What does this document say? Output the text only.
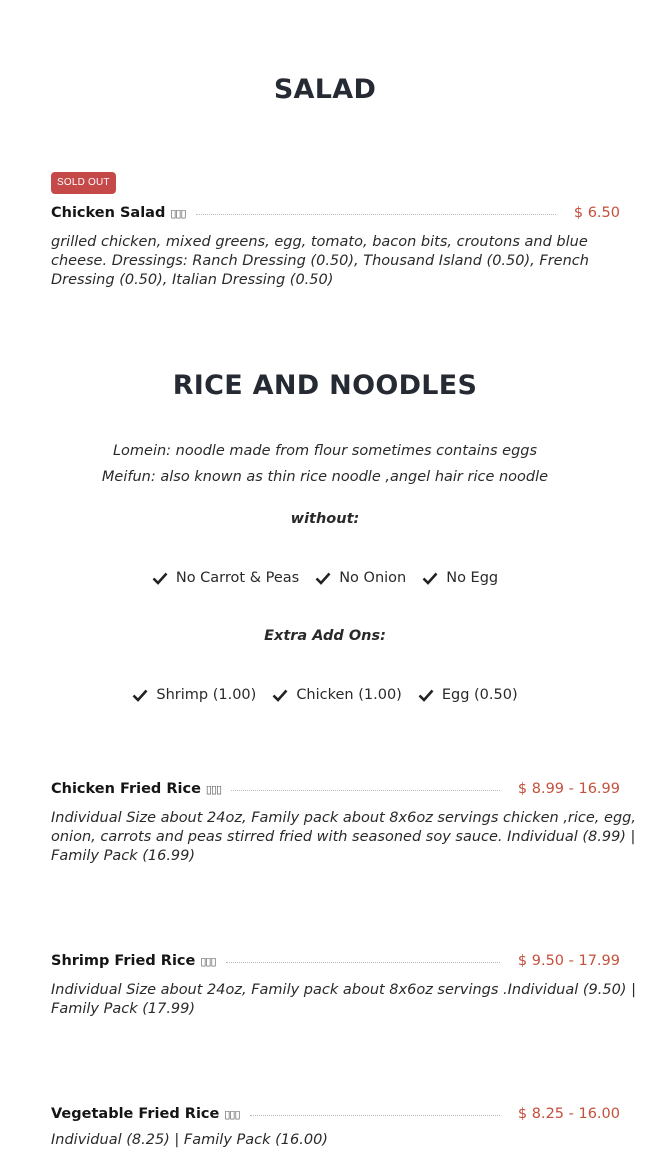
SALAD
SOLD OUT
Chicken Salad ▯▯▯	$ 6.50
grilled chicken, mixed greens, egg, tomato, bacon bits, croutons and blue cheese. Dressings: Ranch Dressing (0.50), Thousand Island (0.50), French Dressing (0.50), Italian Dressing (0.50)
RICE AND NOODLES
Lomein: noodle made from flour sometimes contains eggs
Meifun: also known as thin rice noodle ,angel hair rice noodle
without:
No Carrot & Peas	No Onion	No Egg
Extra Add Ons:
Shrimp (1.00)	Chicken (1.00)	Egg (0.50)
Chicken Fried Rice ▯▯▯	$ 8.99 - 16.99
Individual Size about 24oz, Family pack about 8x6oz servings chicken ,rice, egg, onion, carrots and peas stirred fried with seasoned soy sauce. Individual (8.99) | Family Pack (16.99)
Shrimp Fried Rice ▯▯▯	$ 9.50 - 17.99
Individual Size about 24oz, Family pack about 8x6oz servings .Individual (9.50) | Family Pack (17.99)
Vegetable Fried Rice ▯▯▯	$ 8.25 - 16.00
Individual (8.25) | Family Pack (16.00)
